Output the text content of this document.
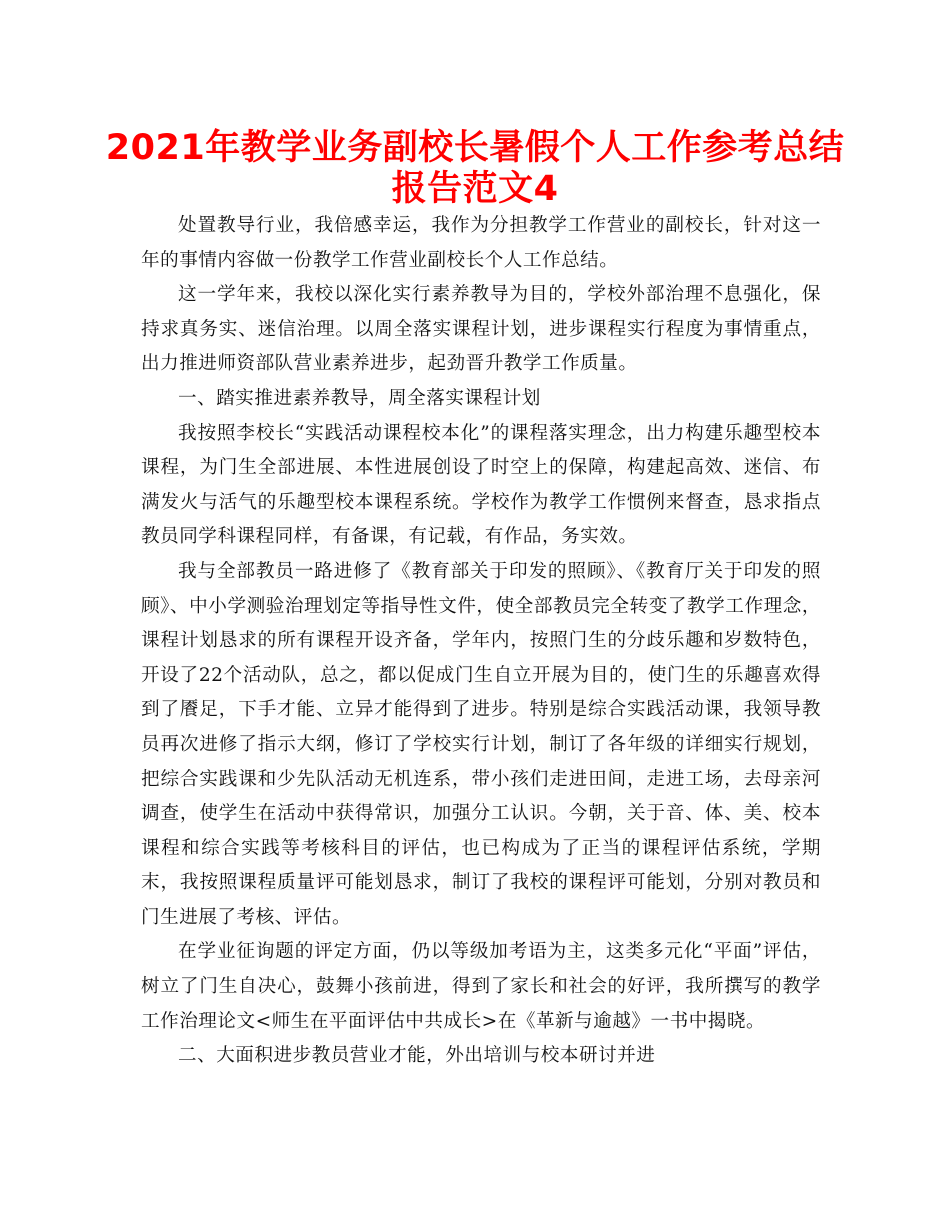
2021年教学业务副校长暑假个人工作参考总结
报告范文4

处置教导行业，我倍感幸运，我作为分担教学工作营业的副校长，针对这一年的事情内容做一份教学工作营业副校长个人工作总结。

这一学年来，我校以深化实行素养教导为目的，学校外部治理不息强化，保持求真务实、迷信治理。以周全落实课程计划，进步课程实行程度为事情重点，出力推进师资部队营业素养进步，起劲晋升教学工作质量。

一、踏实推进素养教导，周全落实课程计划

我按照李校长“实践活动课程校本化”的课程落实理念，出力构建乐趣型校本课程，为门生全部进展、本性进展创设了时空上的保障，构建起高效、迷信、布满发火与活气的乐趣型校本课程系统。学校作为教学工作惯例来督查，恳求指点教员同学科课程同样，有备课，有记载，有作品，务实效。

我与全部教员一路进修了《教育部关于印发的照顾》、《教育厅关于印发的照顾》、中小学测验治理划定等指导性文件，使全部教员完全转变了教学工作理念，课程计划恳求的所有课程开设齐备，学年内，按照门生的分歧乐趣和岁数特色，开设了22个活动队，总之，都以促成门生自立开展为目的，使门生的乐趣喜欢得到了餍足，下手才能、立异才能得到了进步。特别是综合实践活动课，我领导教员再次进修了指示大纲，修订了学校实行计划，制订了各年级的详细实行规划，把综合实践课和少先队活动无机连系，带小孩们走进田间，走进工场，去母亲河调查，使学生在活动中获得常识，加强分工认识。今朝，关于音、体、美、校本课程和综合实践等考核科目的评估，也已构成为了正当的课程评估系统，学期末，我按照课程质量评可能划恳求，制订了我校的课程评可能划，分别对教员和门生进展了考核、评估。

在学业征询题的评定方面，仍以等级加考语为主，这类多元化“平面”评估，树立了门生自决心，鼓舞小孩前进，得到了家长和社会的好评，我所撰写的教学工作治理论文<师生在平面评估中共成长>在《革新与逾越》一书中揭晓。

二、大面积进步教员营业才能，外出培训与校本研讨并进
